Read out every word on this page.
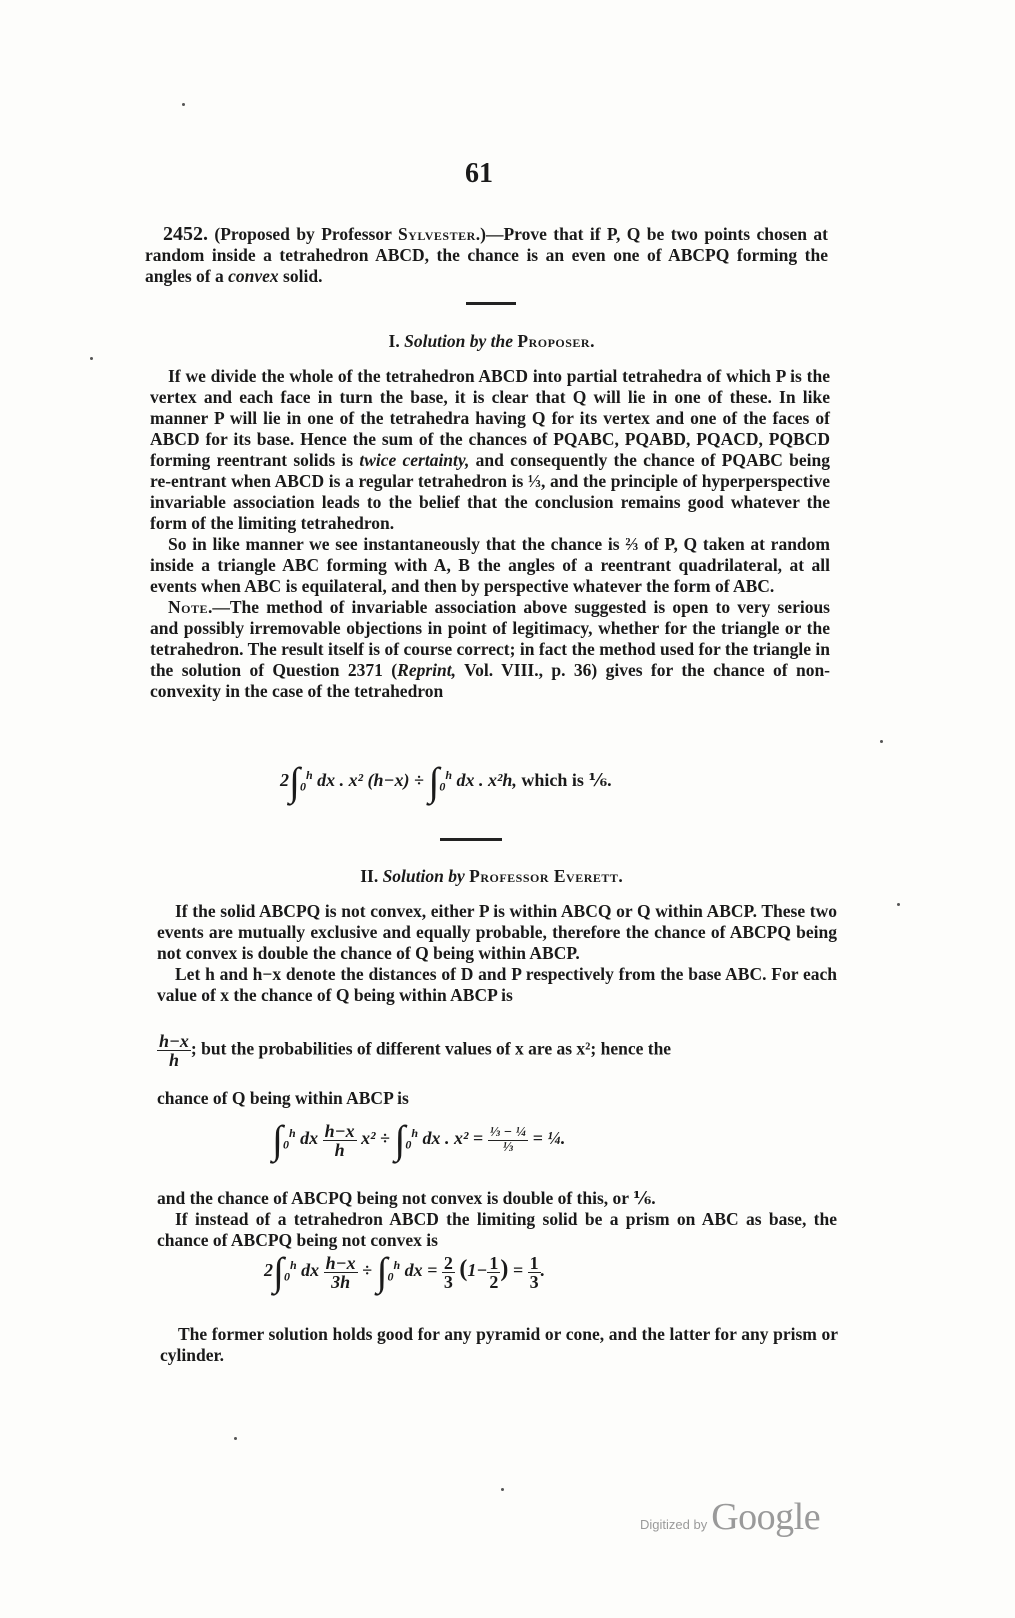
61

2452. (Proposed by Professor Sylvester.)—Prove that if P, Q be two points chosen at random inside a tetrahedron ABCD, the chance is an even one of ABCPQ forming the angles of a convex solid.

I. Solution by the Proposer.

If we divide the whole of the tetrahedron ABCD into partial tetrahedra of which P is the vertex and each face in turn the base, it is clear that Q will lie in one of these. In like manner P will lie in one of the tetrahedra having Q for its vertex and one of the faces of ABCD for its base. Hence the sum of the chances of PQABC, PQABD, PQACD, PQBCD forming reentrant solids is twice certainty, and consequently the chance of PQABC being re-entrant when ABCD is a regular tetrahedron is ⅓, and the principle of hyperperspective invariable association leads to the belief that the conclusion remains good whatever the form of the limiting tetrahedron.

So in like manner we see instantaneously that the chance is ⅔ of P, Q taken at random inside a triangle ABC forming with A, B the angles of a reentrant quadrilateral, at all events when ABC is equilateral, and then by perspective whatever the form of ABC.

Note.—The method of invariable association above suggested is open to very serious and possibly irremovable objections in point of legitimacy, whether for the triangle or the tetrahedron. The result itself is of course correct; in fact the method used for the triangle in the solution of Question 2371 (Reprint, Vol. VIII., p. 36) gives for the chance of non-convexity in the case of the tetrahedron

$2\int_0^h$ dx . x² $(h-x) \div \int_0^h$ dx . x²h, which is ⅙.
II. Solution by Professor Everett.

If the solid ABCPQ is not convex, either P is within ABCQ or Q within ABCP. These two events are mutually exclusive and equally probable, therefore the chance of ABCPQ being not convex is double the chance of Q being within ABCP.

Let h and h−x denote the distances of D and P respectively from the base ABC. For each value of x the chance of Q being within ABCP is

$\frac{h-x}{h}$ ; but the probabilities of different values of x are as x²; hence the
chance of Q being within ABCP is
$\int_0^h$ dx $\frac{h-x}{h} x^2 \div \int_0^h$ dx . $x^2 = \frac{\text{⅓ − ¼}}{\text{⅓}}$ = ¼.

and the chance of ABCPQ being not convex is double of this, or ⅙.

If instead of a tetrahedron ABCD the limiting solid be a prism on ABC as base, the chance of ABCPQ being not convex is

$2\int_0^h$ dx $\frac{h-x}{3h} \div \int_0^h$ dx = $\frac{2}{3} (1- \frac{1}{2}$ ) = $\frac{1}{3}$ .

The former solution holds good for any pyramid or cone, and the latter for any prism or cylinder.

Digitized by Google
